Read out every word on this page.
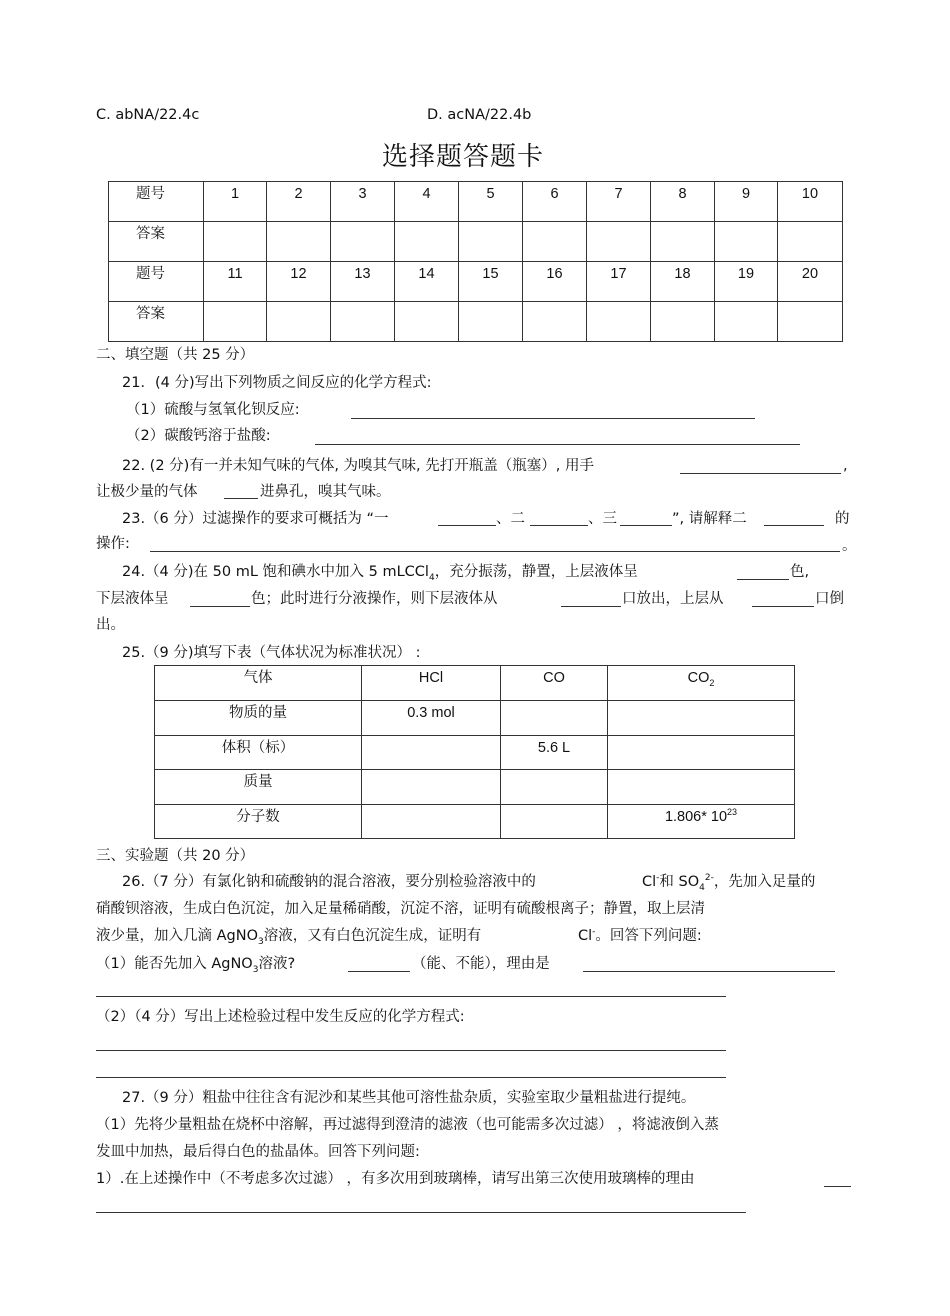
C. abNA/22.4c	D. acNA/22.4b
选择题答题卡
题号	1	2	3	4	5	6	7	8	9	10

答案										

题号	11	12	13	14	15	16	17	18	19	20

答案										

二、填空题（共 25 分）
21．(4 分)写出下列物质之间反应的化学方程式:
（1）硫酸与氢氧化钡反应:
（2）碳酸钙溶于盐酸:
22. (2 分)有一并未知气味的气体, 为嗅其气味, 先打开瓶盖（瓶塞）, 用手	,
让极少量的气体	进鼻孔，嗅其气味。
23.（6 分）过滤操作的要求可概括为 “一	、二	、三	”, 请解释二	的
操作:	。
24.（4 分)在 50 mL 饱和碘水中加入 5 mLCCl$_4$，充分振荡，静置，上层液体呈	色,
下层液体呈	色；此时进行分液操作，则下层液体从	口放出，上层从	口倒
出。
25.（9 分)填写下表（气体状况为标准状况） :
气体	HCl	CO	$CO_2$

物质的量	0.3 mol		

体积（标）		5.6 L	

质量			

分子数			1.806* $10^{23}$
三、实验题（共 20 分）
26.（7 分）有氯化钠和硫酸钠的混合溶液，要分别检验溶液中的	Cl-和 $SO_4^{2-}$，先加入足量的
硝酸钡溶液，生成白色沉淀，加入足量稀硝酸，沉淀不溶，证明有硫酸根离子；静置，取上层清
液少量，加入几滴 AgNO$_3$溶液，又有白色沉淀生成，证明有	Cl-。回答下列问题:
（1）能否先加入 AgNO$_3$溶液?	（能、不能），理由是
（2）（4 分）写出上述检验过程中发生反应的化学方程式:
27.（9 分）粗盐中往往含有泥沙和某些其他可溶性盐杂质，实验室取少量粗盐进行提纯。
（1）先将少量粗盐在烧杯中溶解，再过滤得到澄清的滤液（也可能需多次过滤） ，将滤液倒入蒸
发皿中加热，最后得白色的盐晶体。回答下列问题:
1）.在上述操作中（不考虑多次过滤） ，有多次用到玻璃棒，请写出第三次使用玻璃棒的理由
